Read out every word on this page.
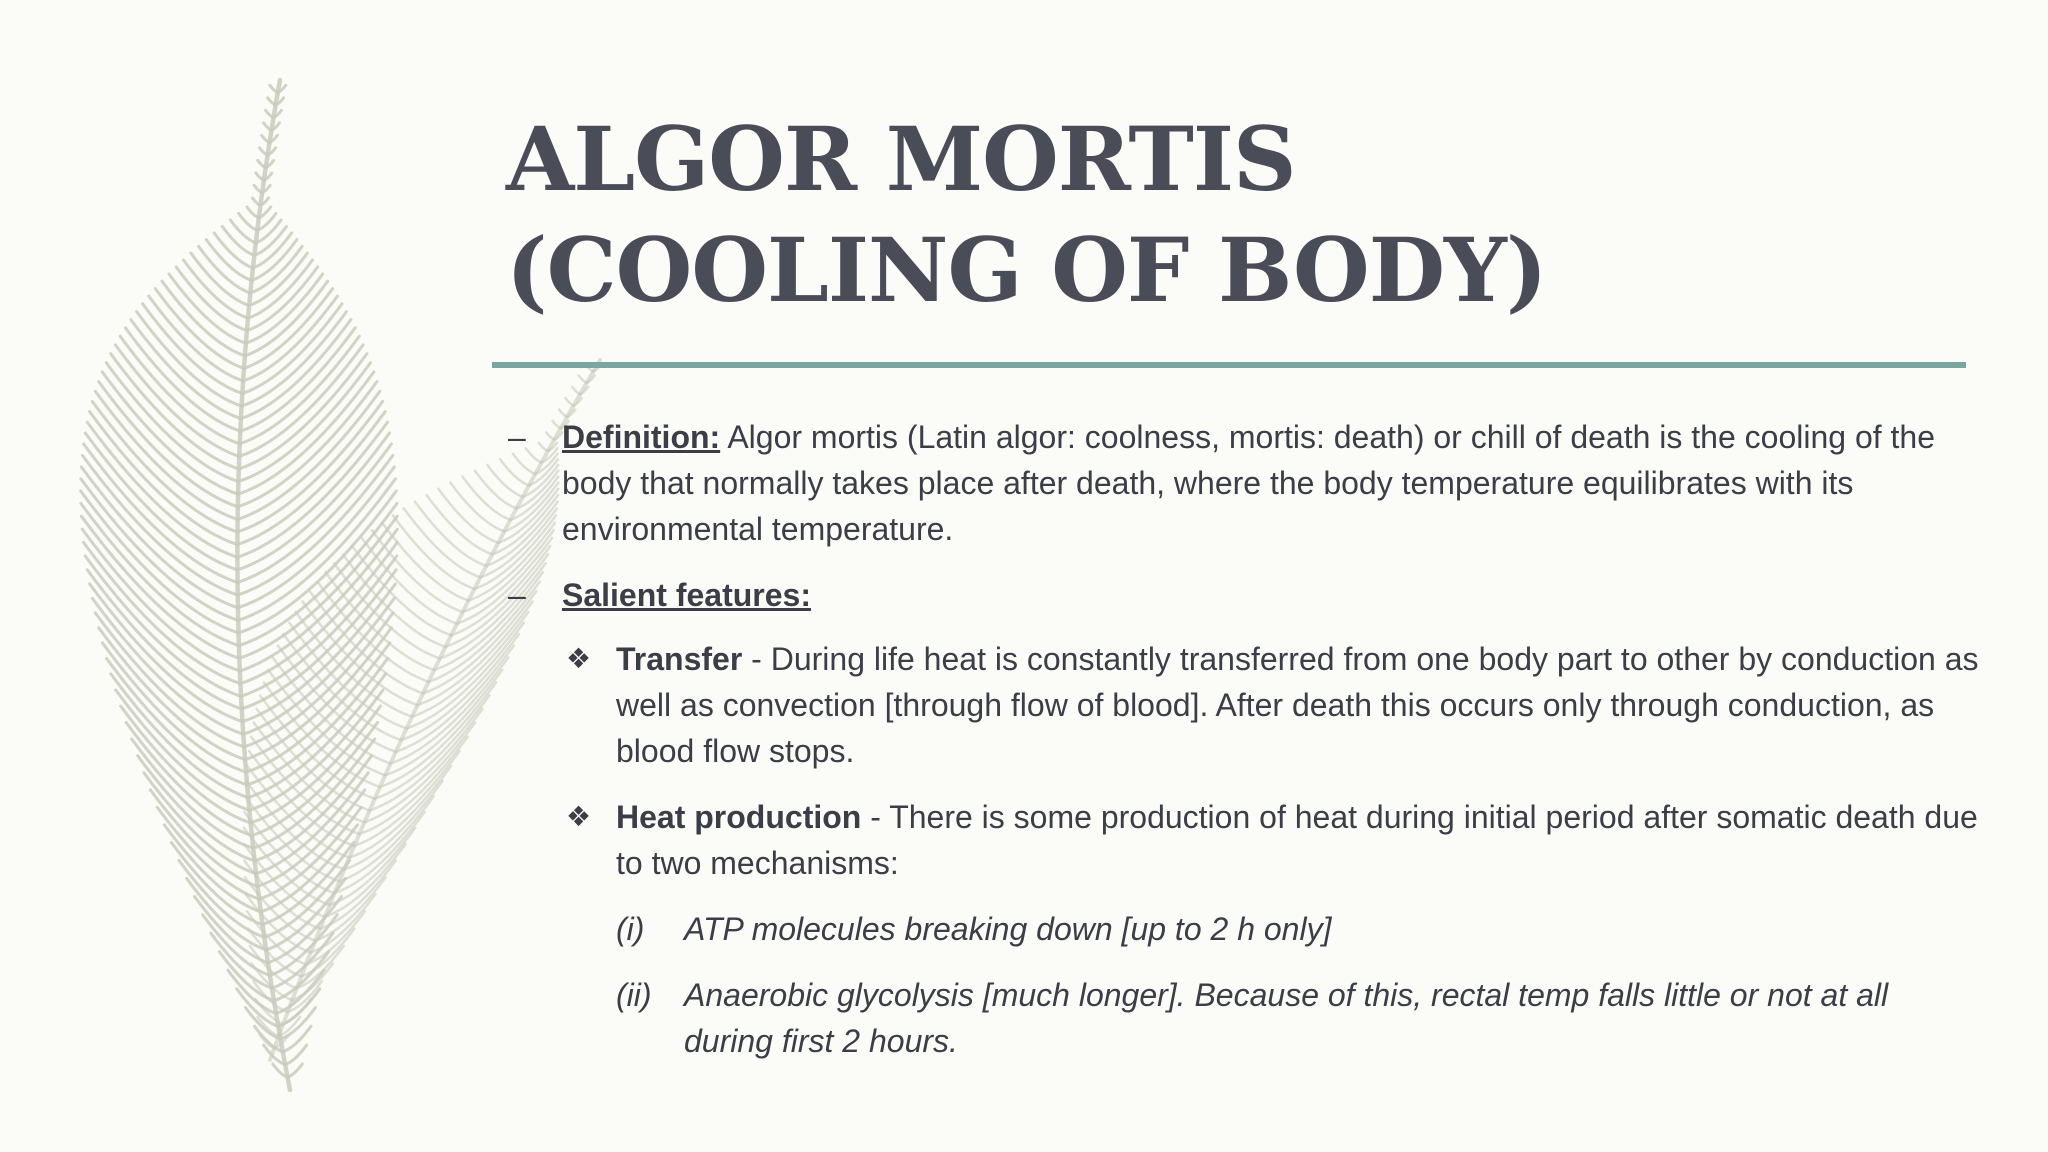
ALGOR MORTIS
(COOLING OF BODY)
– Definition: Algor mortis (Latin algor: coolness, mortis: death) or chill of death is the cooling of the body that normally takes place after death, where the body temperature equilibrates with its environmental temperature.
– Salient features:
❖ Transfer - During life heat is constantly transferred from one body part to other by conduction as well as convection [through flow of blood]. After death this occurs only through conduction, as blood flow stops.
❖ Heat production - There is some production of heat during initial period after somatic death due to two mechanisms:
(i) ATP molecules breaking down [up to 2 h only]
(ii) Anaerobic glycolysis [much longer]. Because of this, rectal temp falls little or not at all during first 2 hours.
